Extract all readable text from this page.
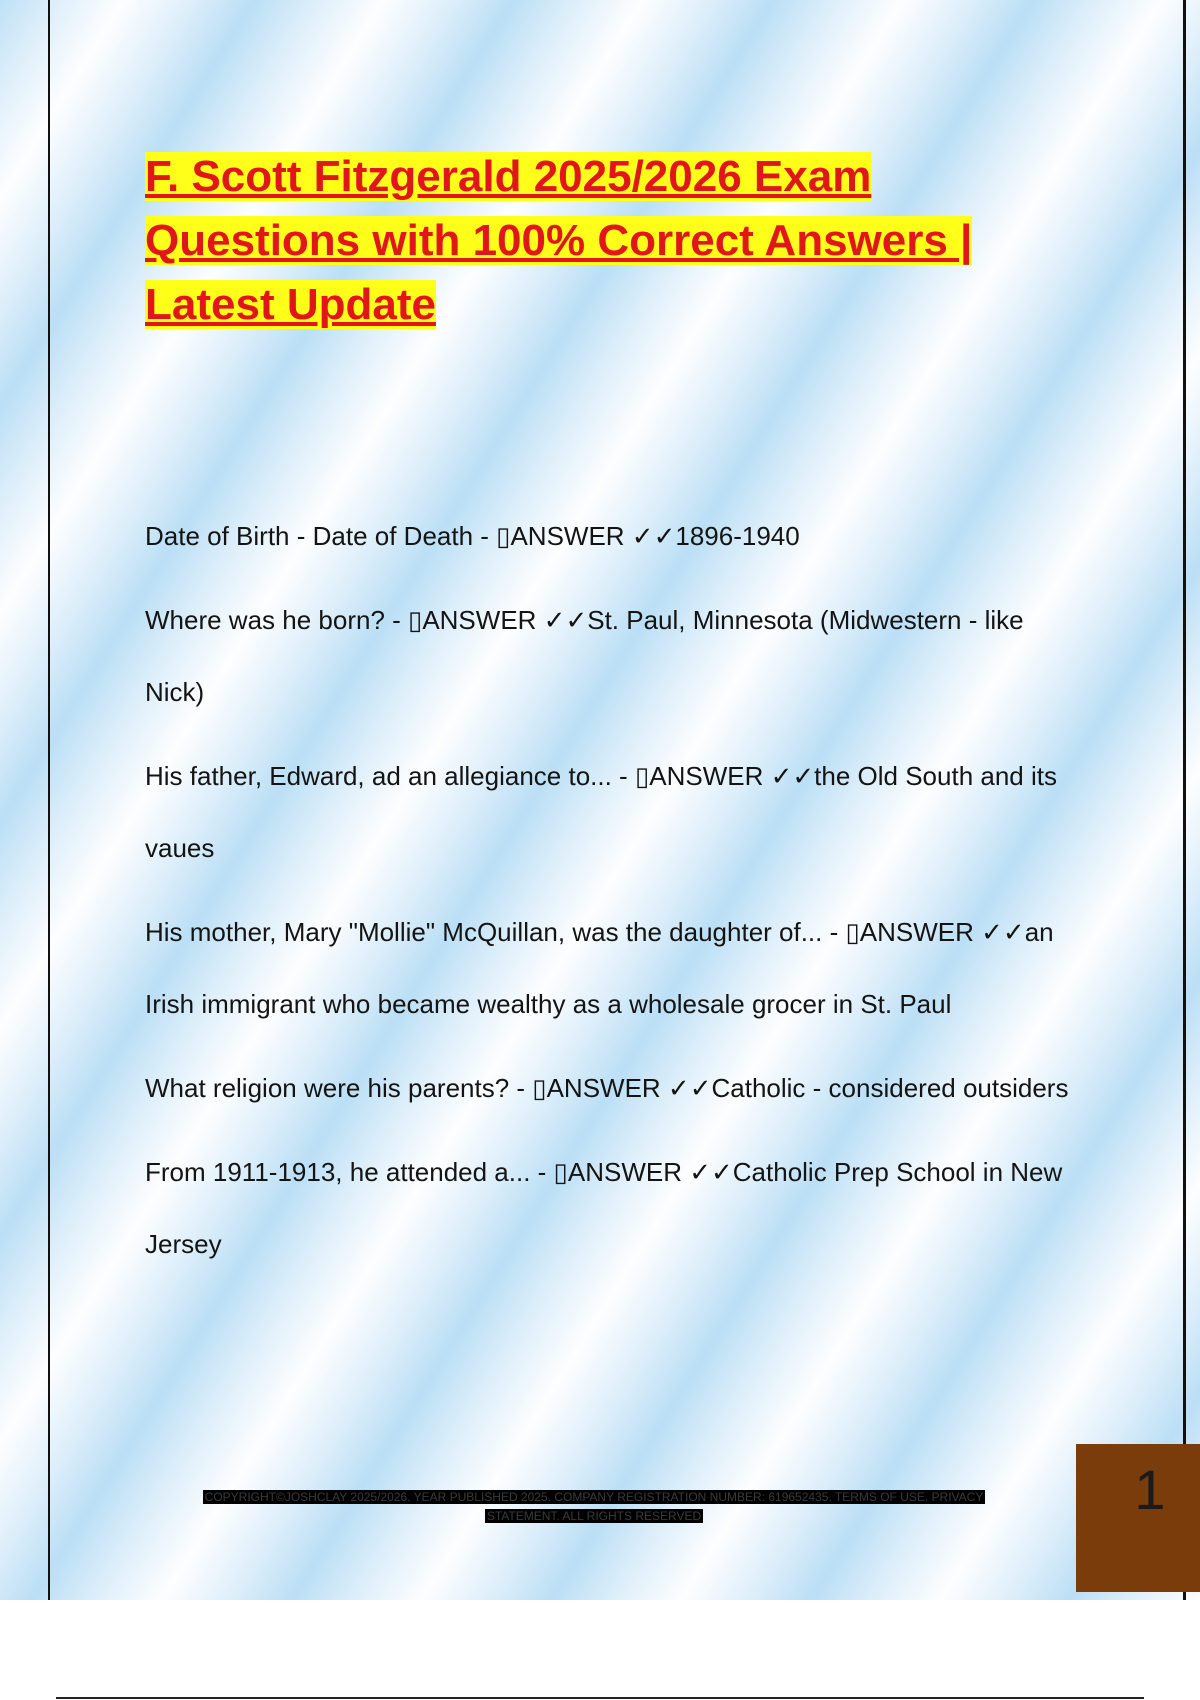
F. Scott Fitzgerald 2025/2026 Exam Questions with 100% Correct Answers | Latest Update

Date of Birth - Date of Death - ▯ANSWER ✓✓1896-1940

Where was he born? - ▯ANSWER ✓✓St. Paul, Minnesota (Midwestern - like Nick)

His father, Edward, ad an allegiance to... - ▯ANSWER ✓✓the Old South and its vaues

His mother, Mary "Mollie" McQuillan, was the daughter of... - ▯ANSWER ✓✓an Irish immigrant who became wealthy as a wholesale grocer in St. Paul

What religion were his parents? - ▯ANSWER ✓✓Catholic - considered outsiders

From 1911-1913, he attended a... - ▯ANSWER ✓✓Catholic Prep School in New Jersey

COPYRIGHT©JOSHCLAY 2025/2026. YEAR PUBLISHED 2025. COMPANY REGISTRATION NUMBER: 619652435. TERMS OF USE. PRIVACY STATEMENT. ALL RIGHTS RESERVED	1
